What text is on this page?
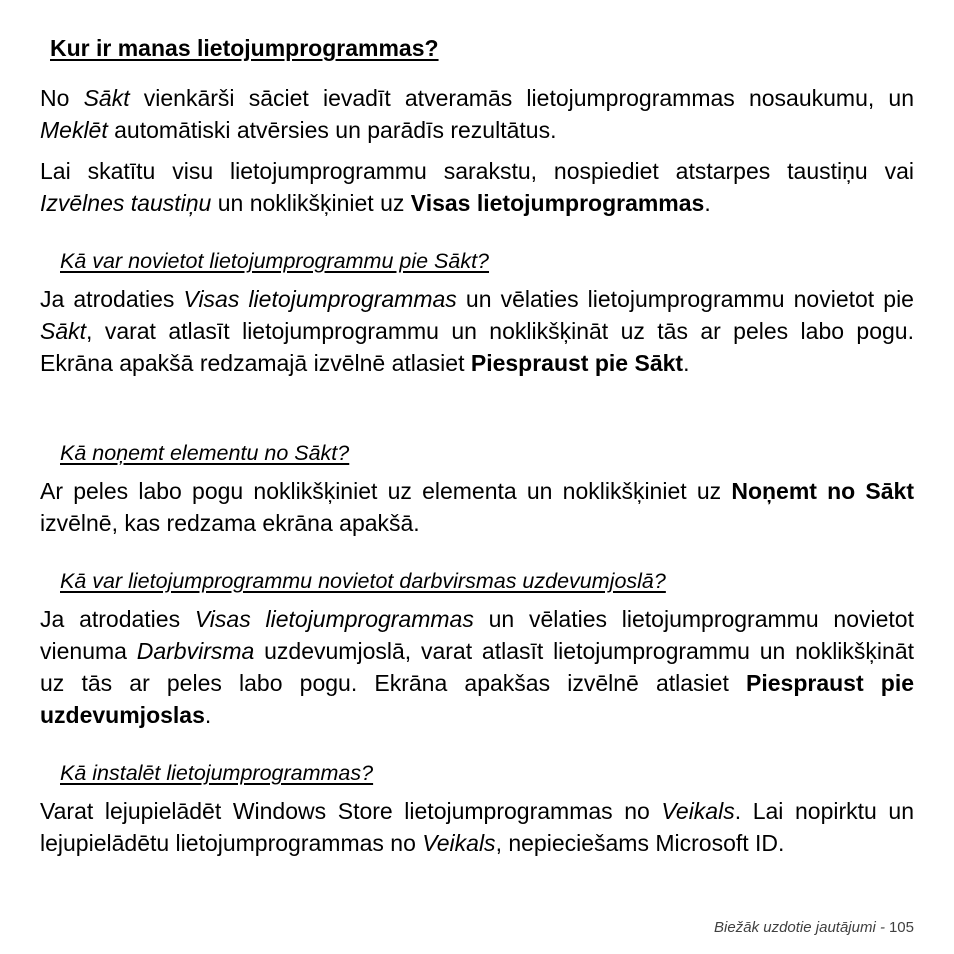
Kur ir manas lietojumprogrammas?

No Sākt vienkārši sāciet ievadīt atveramās lietojumprogrammas nosaukumu, un Meklēt automātiski atvērsies un parādīs rezultātus.

Lai skatītu visu lietojumprogrammu sarakstu, nospiediet atstarpes taustiņu vai Izvēlnes taustiņu un noklikšķiniet uz Visas lietojumprogrammas.

Kā var novietot lietojumprogrammu pie Sākt?

Ja atrodaties Visas lietojumprogrammas un vēlaties lietojumprogrammu novietot pie Sākt, varat atlasīt lietojumprogrammu un noklikšķināt uz tās ar peles labo pogu. Ekrāna apakšā redzamajā izvēlnē atlasiet Piespraust pie Sākt.

Kā noņemt elementu no Sākt?

Ar peles labo pogu noklikšķiniet uz elementa un noklikšķiniet uz Noņemt no Sākt izvēlnē, kas redzama ekrāna apakšā.

Kā var lietojumprogrammu novietot darbvirsmas uzdevumjoslā?

Ja atrodaties Visas lietojumprogrammas un vēlaties lietojumprogrammu novietot vienuma Darbvirsma uzdevumjoslā, varat atlasīt lietojumprogrammu un noklikšķināt uz tās ar peles labo pogu. Ekrāna apakšas izvēlnē atlasiet Piespraust pie uzdevumjoslas.

Kā instalēt lietojumprogrammas?

Varat lejupielādēt Windows Store lietojumprogrammas no Veikals. Lai nopirktu un lejupielādētu lietojumprogrammas no Veikals, nepieciešams Microsoft ID.

Biežāk uzdotie jautājumi - 105
